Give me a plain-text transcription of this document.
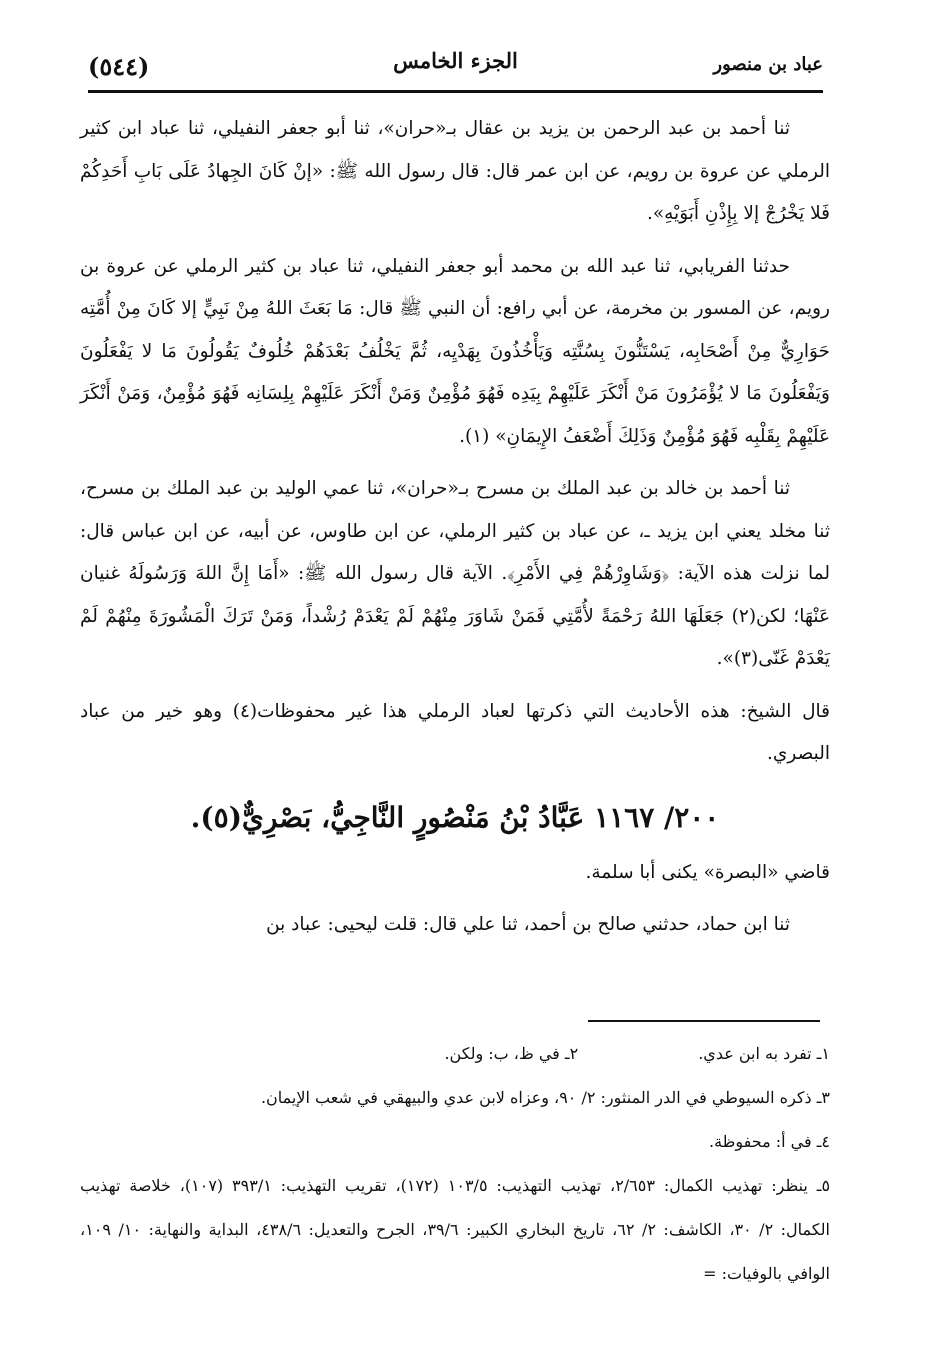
(٥٤٤)	الجزء الخامس	عباد بن منصور

ثنا أحمد بن عبد الرحمن بن يزيد بن عقال بـ«حران»، ثنا أبو جعفر النفيلي، ثنا عباد ابن كثير الرملي عن عروة بن رويم، عن ابن عمر قال: قال رسول الله ﷺ: «إنْ كَانَ الجِهادُ عَلَى بَابِ أَحَدِكُمْ فَلا يَخْرُجْ إلا بِإِذْنِ أَبَوَيْهِ».

حدثنا الفريابي، ثنا عبد الله بن محمد أبو جعفر النفيلي، ثنا عباد بن كثير الرملي عن عروة بن رويم، عن المسور بن مخرمة، عن أبي رافع: أن النبي ﷺ قال: مَا بَعَثَ اللهُ مِنْ نَبِيٍّ إلا كَانَ مِنْ أُمَّتِه حَوَارِيٌّ مِنْ أَصْحَابِه، يَسْتَنُّونَ بِسُنَّتِه وَيَأْخُذُونَ بِهَدْيِه، ثُمَّ يَخْلُفُ بَعْدَهُمْ خُلُوفٌ يَقُولُونَ مَا لا يَفْعَلُونَ وَيَفْعَلُونَ مَا لا يُؤْمَرُونَ مَنْ أَنْكَرَ عَلَيْهِمْ بِيَدِه فَهُوَ مُؤْمِنٌ وَمَنْ أَنْكَرَ عَلَيْهِمْ بِلِسَانِه فَهُوَ مُؤْمِنٌ، وَمَنْ أَنْكَرَ عَلَيْهِمْ بِقَلْبِه فَهُوَ مُؤْمِنٌ وَذَلِكَ أَضْعَفُ الإِيمَانِ» (١).

ثنا أحمد بن خالد بن عبد الملك بن مسرح بـ«حران»، ثنا عمي الوليد بن عبد الملك بن مسرح، ثنا مخلد يعني ابن يزيد ـ، عن عباد بن كثير الرملي، عن ابن طاوس، عن أبيه، عن ابن عباس قال: لما نزلت هذه الآية: ﴿وَشَاوِرْهُمْ فِي الأَمْرِ﴾. الآية قال رسول الله ﷺ: «أَمَا إِنَّ اللهَ وَرَسُولَهُ غنيان عَنْهَا؛ لكن(٢) جَعَلَهَا اللهُ رَحْمَةً لأُمَّتِي فَمَنْ شَاوَرَ مِنْهُمْ لَمْ يَعْدَمْ رُشْداً، وَمَنْ تَرَكَ الْمَشُورَةَ مِنْهُمْ لَمْ يَعْدَمْ غَنّى(٣)».

قال الشيخ: هذه الأحاديث التي ذكرتها لعباد الرملي هذا غير محفوظات(٤) وهو خير من عباد البصري.

٢٠٠/ ١١٦٧ عَبَّادُ بْنُ مَنْصُورٍ النَّاجِيُّ، بَصْرِيٌّ(٥).

قاضي «البصرة» يكنى أبا سلمة.

ثنا ابن حماد، حدثني صالح بن أحمد، ثنا علي قال: قلت ليحيى: عباد بن

١ـ تفرد به ابن عدي.
٢ـ في ظ، ب: ولكن.

٣ـ ذكره السيوطي في الدر المنثور: ٢/ ٩٠، وعزاه لابن عدي والبيهقي في شعب الإيمان.

٤ـ في أ: محفوظة.

٥ـ ينظر: تهذيب الكمال: ٢/٦٥٣، تهذيب التهذيب: ١٠٣/٥ (١٧٢)، تقريب التهذيب: ٣٩٣/١ (١٠٧)، خلاصة تهذيب الكمال: ٢/ ٣٠، الكاشف: ٢/ ٦٢، تاريخ البخاري الكبير: ٣٩/٦، الجرح والتعديل: ٤٣٨/٦، البداية والنهاية: ١٠/ ١٠٩، الوافي بالوفيات: =
